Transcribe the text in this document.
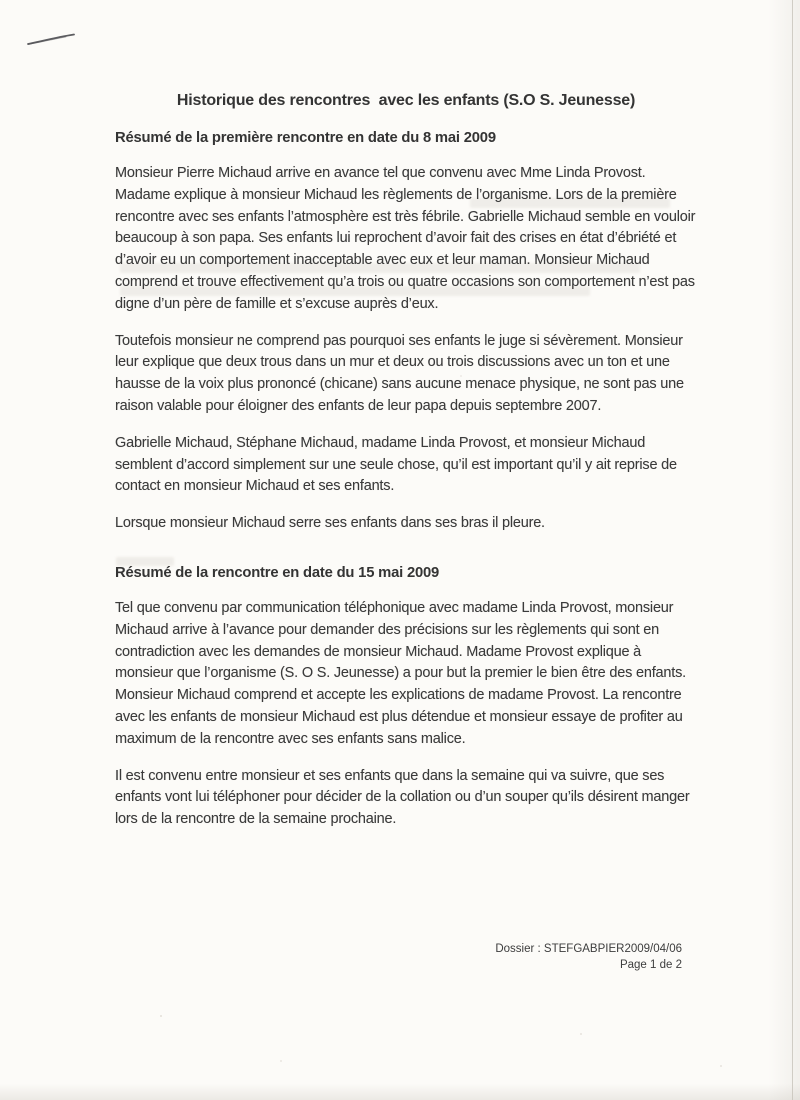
Historique des rencontres  avec les enfants (S.O S. Jeunesse)
Résumé de la première rencontre en date du 8 mai 2009

Monsieur Pierre Michaud arrive en avance tel que convenu avec Mme Linda Provost. Madame explique à monsieur Michaud les règlements de l’organisme. Lors de la première rencontre avec ses enfants l’atmosphère est très fébrile. Gabrielle Michaud semble en vouloir beaucoup à son papa. Ses enfants lui reprochent d’avoir fait des crises en état d’ébriété et d’avoir eu un comportement inacceptable avec eux et leur maman. Monsieur Michaud comprend et trouve effectivement qu’a trois ou quatre occasions son comportement n’est pas digne d’un père de famille et s’excuse auprès d’eux.

Toutefois monsieur ne comprend pas pourquoi ses enfants le juge si sévèrement. Monsieur leur explique que deux trous dans un mur et deux ou trois discussions avec un ton et une hausse de la voix plus prononcé (chicane) sans aucune menace physique, ne sont pas une raison valable pour éloigner des enfants de leur papa depuis septembre 2007.

Gabrielle Michaud, Stéphane Michaud, madame Linda Provost, et monsieur Michaud semblent d’accord simplement sur une seule chose, qu’il est important qu’il y ait reprise de contact en monsieur Michaud et ses enfants.

Lorsque monsieur Michaud serre ses enfants dans ses bras il pleure.

Résumé de la rencontre en date du 15 mai 2009

Tel que convenu par communication téléphonique avec madame Linda Provost, monsieur Michaud arrive à l’avance pour demander des précisions sur les règlements qui sont en contradiction avec les demandes de monsieur Michaud. Madame Provost explique à monsieur que l’organisme (S. O S. Jeunesse) a pour but la premier le bien être des enfants. Monsieur Michaud comprend et accepte les explications de madame Provost. La rencontre avec les enfants de monsieur Michaud est plus détendue et monsieur essaye de profiter au maximum de la rencontre avec ses enfants sans malice.

Il est convenu entre monsieur et ses enfants que dans la semaine qui va suivre, que ses enfants vont lui téléphoner pour décider de la collation ou d’un souper qu’ils désirent manger lors de la rencontre de la semaine prochaine.

Dossier : STEFGABPIER2009/04/06
Page 1 de 2
